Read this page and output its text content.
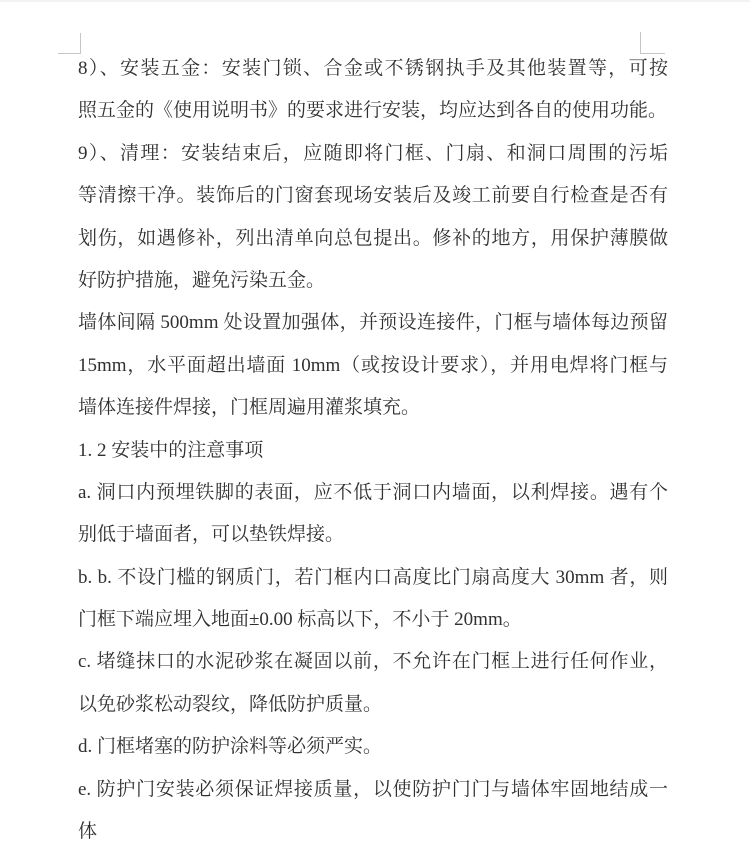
8）、安装五金：安装门锁、合金或不锈钢执手及其他装置等，可按
照五金的《使用说明书》的要求进行安装，均应达到各自的使用功能。
9）、清理：安装结束后，应随即将门框、门扇、和洞口周围的污垢
等清擦干净。装饰后的门窗套现场安装后及竣工前要自行检查是否有
划伤，如遇修补，列出清单向总包提出。修补的地方，用保护薄膜做
好防护措施，避免污染五金。
墙体间隔 500mm 处设置加强体，并预设连接件，门框与墙体每边预留
15mm，水平面超出墙面 10mm（或按设计要求），并用电焊将门框与
墙体连接件焊接，门框周遍用灌浆填充。
1. 2 安装中的注意事项
a. 洞口内预埋铁脚的表面，应不低于洞口内墙面，以利焊接。遇有个
别低于墙面者，可以垫铁焊接。
b. b. 不设门槛的钢质门，若门框内口高度比门扇高度大 30mm 者，则
门框下端应埋入地面±0.00 标高以下，不小于 20mm。
c. 堵缝抹口的水泥砂浆在凝固以前，不允许在门框上进行任何作业，
以免砂浆松动裂纹，降低防护质量。
d. 门框堵塞的防护涂料等必须严实。
e. 防护门安装必须保证焊接质量，以使防护门门与墙体牢固地结成一
体
